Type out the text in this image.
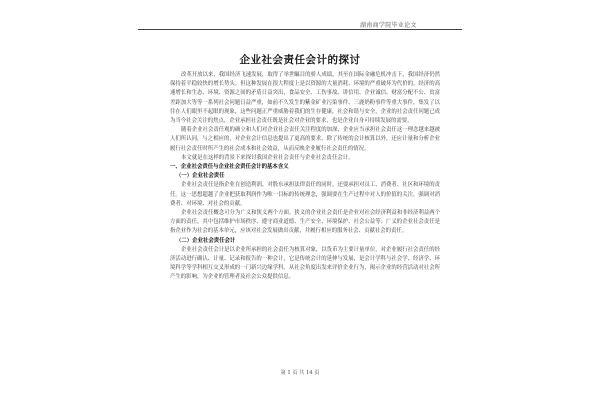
湖南商学院毕业论文
企业社会责任会计的探讨

改革开放以来，我国经济飞速发展，取得了举世瞩目的骄人成绩，其至在国际金融危机冲击下，我国经济仍然保持着平稳较快的增长势头。但这种发展在很大程度上是以资源的大量消耗、环境的严重破坏为代价的。经济的高速增长和生态、环境、资源之间的矛盾日益突出，食品安全、工伤事故、讲信用、企业诚信、财富分配不公、贫富差距加大等等一系列社会问题日益严重，如前不久发生的紫金矿业污染事件、三鹿奶粉事件等重大事件，集发了以往在人们眼里不起眼的现象，这些问题正严重威胁着我们的生存健康，社会和谐与安全，企业的社会责任问题已成为当今社会关注的焦点，企业承担社会责任既是社会对企业的要求，也是企业自身可持续发展的需要。

随着企业社会责任观的确立和人们对企业社会责任关注程度的加深，企业应当承担社会责任这一理念越来越被人们所认同，与之相应的，对企业会计信息也提出了更高的要求，除了传统的会计核算以外，还应计量和分析企业履行社会责任时所产生的社会成本和社会效益，从而反映企业履行社会责任的情况。

本文就是在这样的背景下来探讨我国企业社会责任与企业社会责任会计。

一、企业社会责任与企业社会责任会计的基本含义

（一）企业社会责任

企业社会责任是指企业在创造利润、对股东承担法律责任的同时，还要承担对员工、消费者、社区和环境的责任。这一思想超越了企业把获取利润作为唯一目标的传统理念，强调要在生产过程中对人的价值的关注，强调对消费者、对环境、对社会的贡献。

企业社会责任概念可分为广义和狭义两个方面。狭义的企业社会责任是企业对社会经济利益和非经济利益两个方面的责任，其中包括维护市场秩序、遵守商业道德、生产安全、环境保护、社会公益等；广义的企业社会责任是指企业作为社会的基本单元，应该对社会发展做出贡献，并履行相应的服务社会、贡献社会的责任。

（二）企业社会责任会计

企业社会责任会计是以企业所承担的社会责任为核算对象，以货币为主要计量单位，对企业履行社会责任的经济活动进行确认、计量、记录和报告的一种会计，它是传统会计的延伸与发展，是会计学科与社会学、经济学、环境科学等学科相互交叉形成的一门新兴边缘学科，从社会角度出发来评价企业行为，揭示企业的经营活动对社会所产生的影响，为企业的管理者及社会公众提供信息。

第 1 页 共 14 页
